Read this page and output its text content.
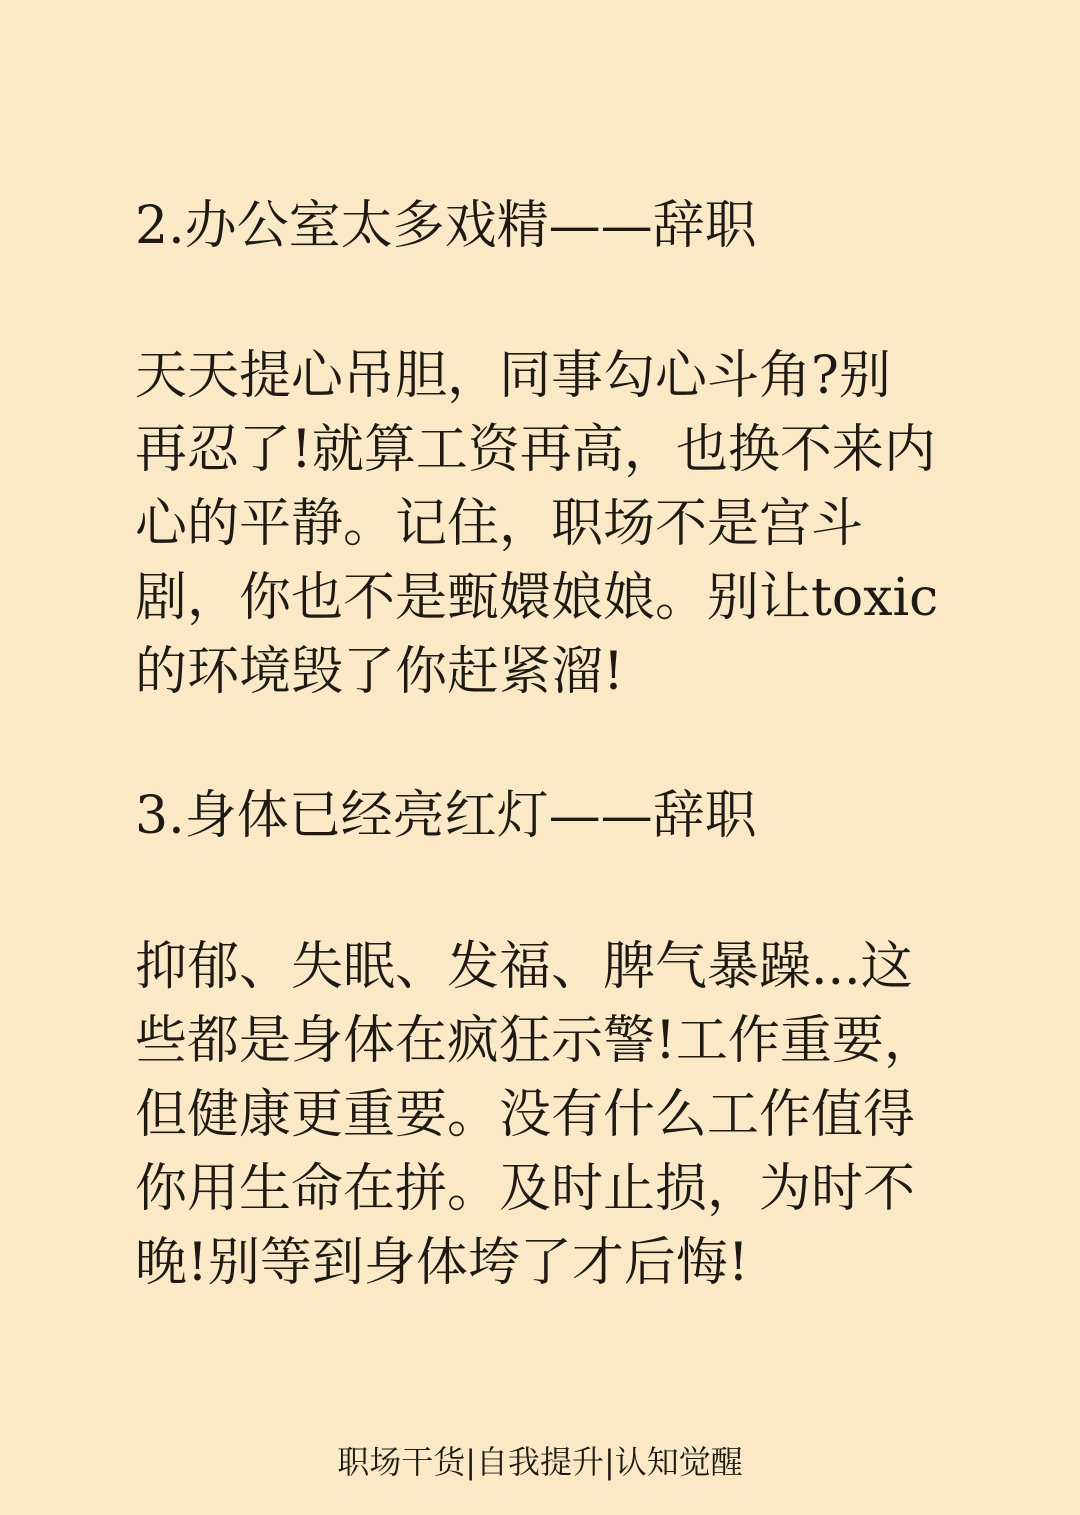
2.办公室太多戏精——辞职
天天提心吊胆，同事勾心斗角?别
再忍了!就算工资再高，也换不来内
心的平静。记住，职场不是宫斗
剧，你也不是甄嬛娘娘。别让toxic
的环境毁了你赶紧溜!
3.身体已经亮红灯——辞职
抑郁、失眠、发福、脾气暴躁...这
些都是身体在疯狂示警!工作重要，
但健康更重要。没有什么工作值得
你用生命在拼。及时止损，为时不
晚!别等到身体垮了才后悔!
职场干货|自我提升|认知觉醒
